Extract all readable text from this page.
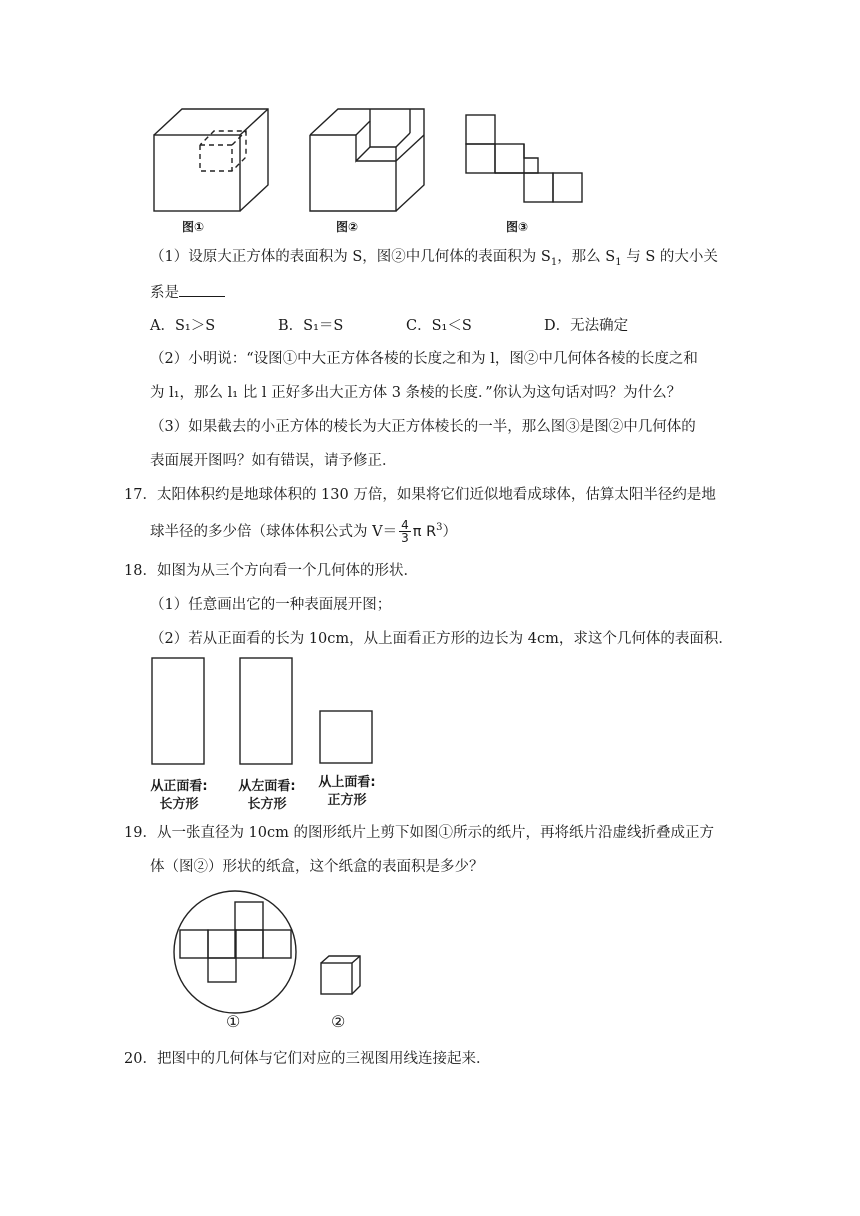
图①	图②	图③
（1）设原大正方体的表面积为 S，图②中几何体的表面积为 $S_1$，那么 $S_1$ 与 S 的大小关
系是
A．S₁＞S	B．S₁＝S	C．S₁＜S	D．无法确定
（2）小明说：“设图①中大正方体各棱的长度之和为 l，图②中几何体各棱的长度之和
为 l₁，那么 l₁ 比 l 正好多出大正方体 3 条棱的长度．”你认为这句话对吗？为什么？
（3）如果截去的小正方体的棱长为大正方体棱长的一半，那么图③是图②中几何体的
表面展开图吗？如有错误，请予修正．
17．太阳体积约是地球体积的 130 万倍，如果将它们近似地看成球体，估算太阳半径约是地
球半径的多少倍（球体体积公式为 $V= \frac{4}{3}$ π $R^3$）
18．如图为从三个方向看一个几何体的形状．
（1）任意画出它的一种表面展开图；
（2）若从正面看的长为 10cm，从上面看正方形的边长为 4cm，求这个几何体的表面积．
从正面看:
长方形
从左面看:
长方形
从上面看:
正方形
19．从一张直径为 10cm 的图形纸片上剪下如图①所示的纸片，再将纸片沿虚线折叠成正方
体（图②）形状的纸盒，这个纸盒的表面积是多少？
①	②
20．把图中的几何体与它们对应的三视图用线连接起来．
